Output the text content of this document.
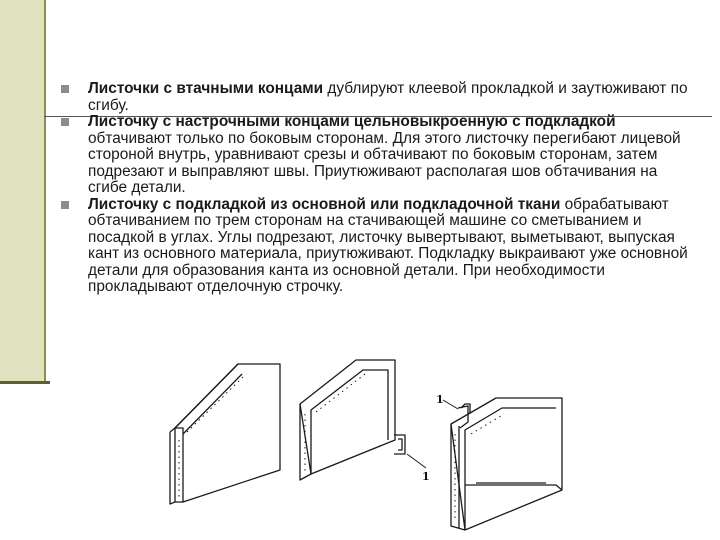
Листочки с втачными концами дублируют клеевой прокладкой и заутюживают по сгибу.
Листочку с настрочными концами цельновыкроенную с подкладкой обтачивают только по боковым сторонам. Для этого листочку перегибают лицевой стороной внутрь, уравнивают срезы и обтачивают по боковым сторонам, затем подрезают и выправляют швы. Приутюживают располагая шов обтачивания на сгибе детали.
Листочку с подкладкой из основной или подкладочной ткани обрабатывают обтачиванием по трем сторонам на стачивающей машине со сметыванием и посадкой в углах. Углы подрезают, листочку вывертывают, выметывают, выпуская кант из основного материала, приутюживают. Подкладку выкраивают уже основной детали для образования канта из основной детали. При необходимости прокладывают отделочную строчку.
1
1
